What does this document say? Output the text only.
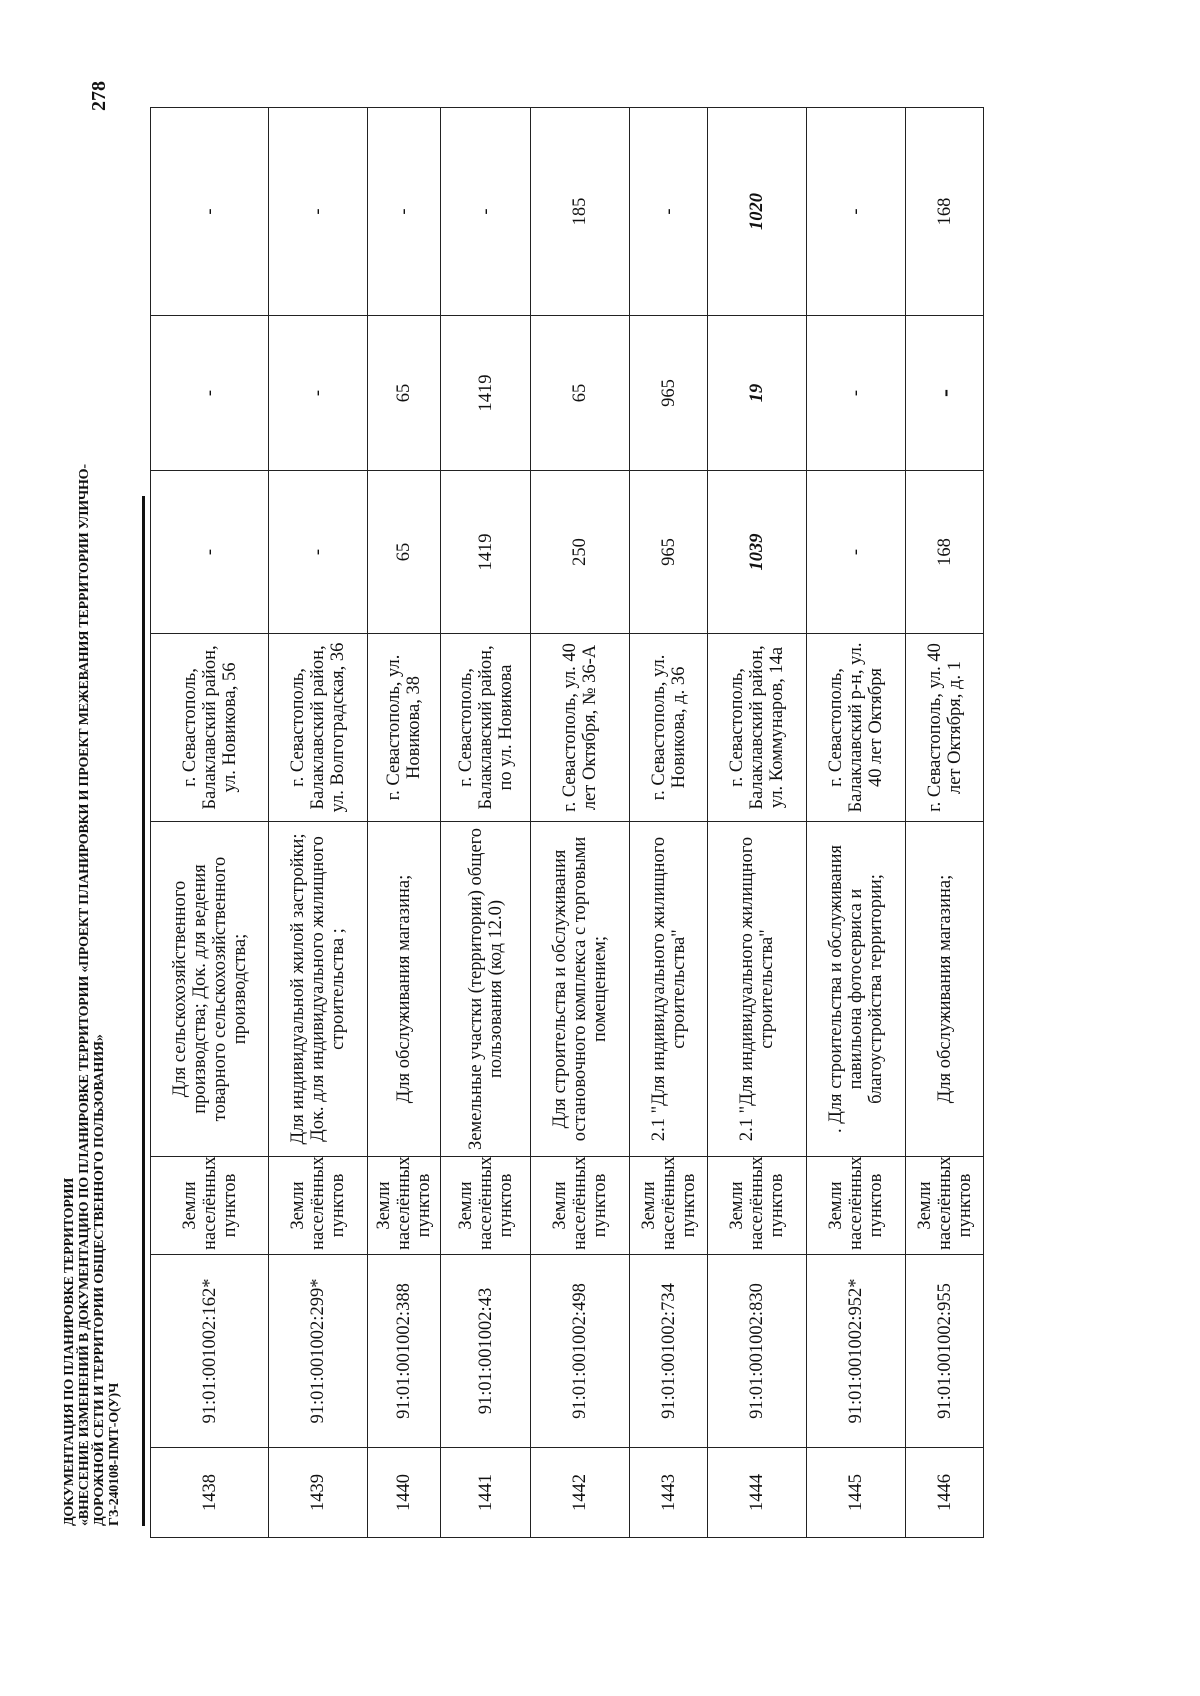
ДОКУМЕНТАЦИЯ ПО ПЛАНИРОВКЕ ТЕРРИТОРИИ «ВНЕСЕНИЕ ИЗМЕНЕНИЙ В ДОКУМЕНТАЦИЮ ПО ПЛАНИРОВКЕ ТЕРРИТОРИИ «ПРОЕКТ ПЛАНИРОВКИ И ПРОЕКТ МЕЖЕВАНИЯ ТЕРРИТОРИИ УЛИЧНО- ДОРОЖНОЙ СЕТИ И ТЕРРИТОРИИ ОБЩЕСТВЕННОГО ПОЛЬЗОВАНИЯ» ГЗ-240108-ПМТ-О(У)Ч
278
1438	91:01:001002:162*	Земли населённых пунктов	Для сельскохозяйственного производства; Док. для ведения товарного сельскохозяйственного производства;	г. Севастополь, Балаклавский район, ул. Новикова, 56	-	-	-
1439	91:01:001002:299*	Земли населённых пунктов	Для индивидуальной жилой застройки; Док. для индивидуального жилищного строительства ;	г. Севастополь, Балаклавский район, ул. Волгоградская, 36	-	-	-
1440	91:01:001002:388	Земли населённых пунктов	Для обслуживания магазина;	г. Севастополь, ул. Новикова, 38	65	65	-
1441	91:01:001002:43	Земли населённых пунктов	Земельные участки (территории) общего пользования (код 12.0)	г. Севастополь, Балаклавский район, по ул. Новикова	1419	1419	-
1442	91:01:001002:498	Земли населённых пунктов	Для строительства и обслуживания остановочного комплекса с торговыми помещением;	г. Севастополь, ул. 40 лет Октября, № 36-А	250	65	185
1443	91:01:001002:734	Земли населённых пунктов	2.1 "Для индивидуального жилищного строительства"	г. Севастополь, ул. Новикова, д. 36	965	965	-
1444	91:01:001002:830	Земли населённых пунктов	2.1 "Для индивидуального жилищного строительства"	г. Севастополь, Балаклавский район, ул. Коммунаров, 14а	1039	19	1020
1445	91:01:001002:952*	Земли населённых пунктов	. Для строительства и обслуживания павильона фотосервиса и благоустройства территории;	г. Севастополь, Балаклавский р-н, ул. 40 лет Октября	-	-	-
1446	91:01:001002:955	Земли населённых пунктов	Для обслуживания магазина;	г. Севастополь, ул. 40 лет Октября, д. 1	168	-	168
